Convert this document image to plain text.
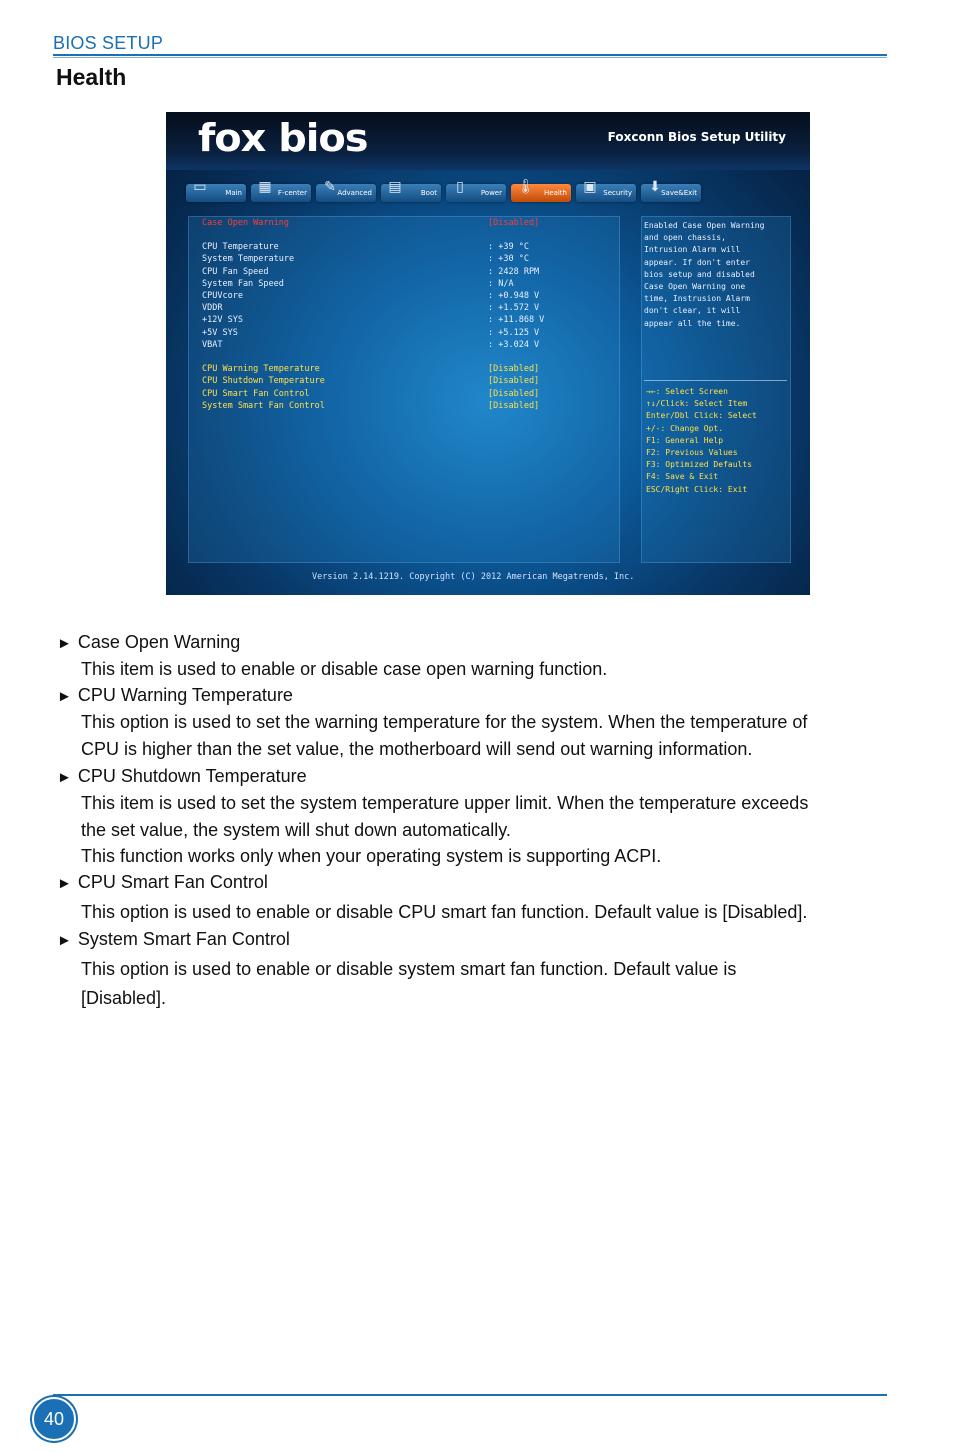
BIOS SETUP
Health
fox bios	Foxconn Bios Setup Utility
▭	Main ▦ F-center ✎ Advanced ▤	Boot ▯	Power 🌡 Health ▣ Security ⬇ Save&Exit
Case Open Warning	[Disabled]
CPU Temperature	: +39 °C
System Temperature	: +30 °C
CPU Fan Speed	: 2428 RPM
System Fan Speed	: N/A
CPUVcore	: +0.948 V
VDDR	: +1.572 V
+12V SYS	: +11.868 V
+5V SYS	: +5.125 V
VBAT	: +3.024 V
CPU Warning Temperature	[Disabled]
CPU Shutdown Temperature	[Disabled]
CPU Smart Fan Control	[Disabled]
System Smart Fan Control	[Disabled]
Enabled Case Open Warning
and open chassis,
Intrusion Alarm will
appear. If don't enter
bios setup and disabled
Case Open Warning one
time, Instrusion Alarm
don't clear, it will
appear all the time.
→←: Select Screen
↑↓/Click: Select Item
Enter/Dbl Click: Select
+/-: Change Opt.
F1: General Help
F2: Previous Values
F3: Optimized Defaults
F4: Save & Exit
ESC/Right Click: Exit
Version 2.14.1219. Copyright (C) 2012 American Megatrends, Inc.
► Case Open Warning
This item is used to enable or disable case open warning function.
► CPU Warning Temperature
This option is used to set the warning temperature for the system. When the temperature of
CPU is higher than the set value, the motherboard will send out warning information.
► CPU Shutdown Temperature
This item is used to set the system temperature upper limit. When the temperature exceeds
the set value, the system will shut down automatically.
This function works only when your operating system is supporting ACPI.
► CPU Smart Fan Control
This option is used to enable or disable CPU smart fan function. Default value is [Disabled].
► System Smart Fan Control
This option is used to enable or disable system smart fan function. Default value is
[Disabled].
40
